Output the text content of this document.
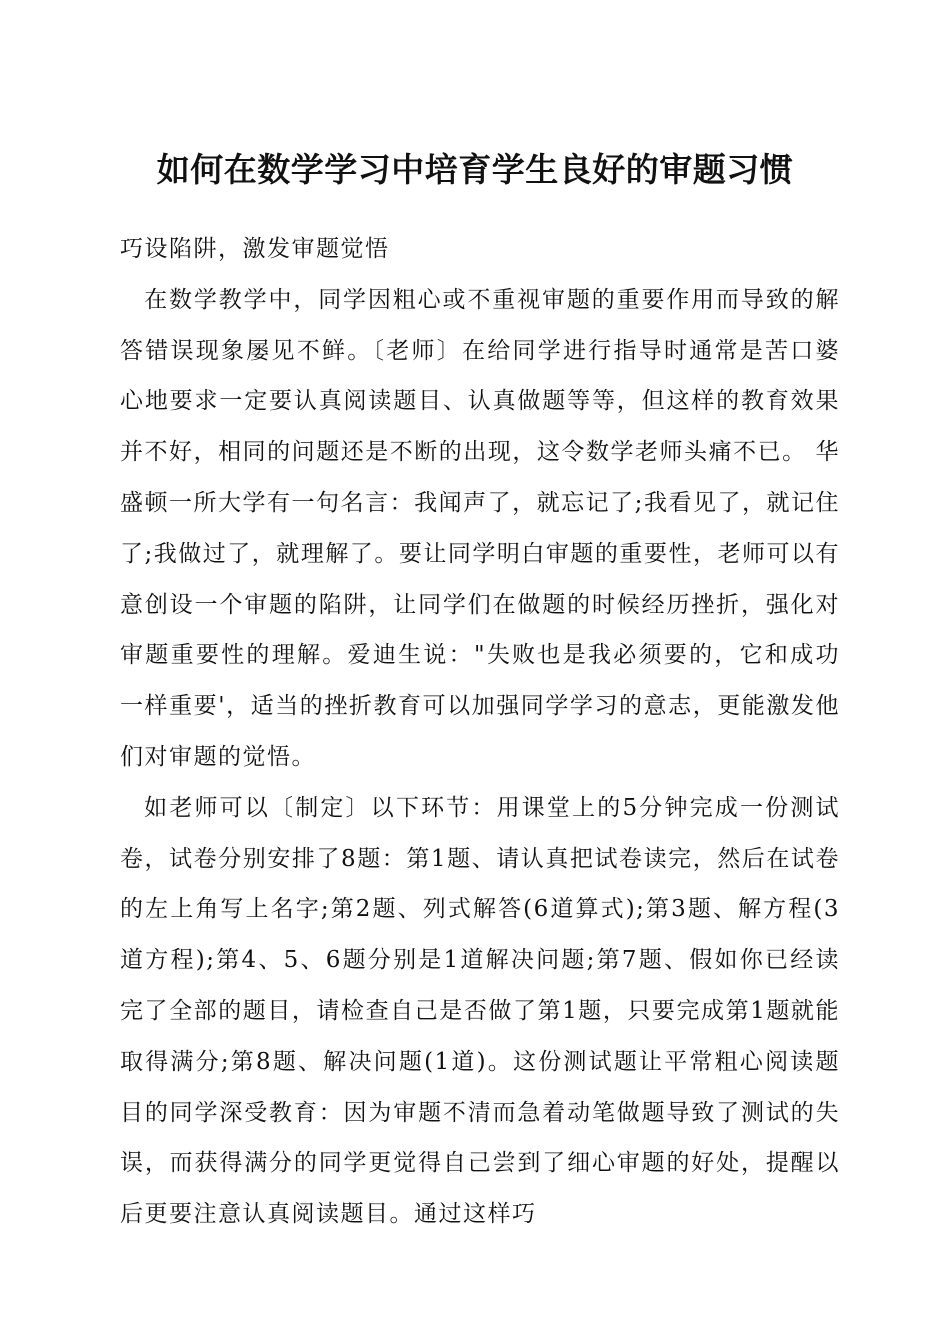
如何在数学学习中培育学生良好的审题习惯

巧设陷阱，激发审题觉悟

在数学教学中，同学因粗心或不重视审题的重要作用而导致的解答错误现象屡见不鲜。〔老师〕在给同学进行指导时通常是苦口婆心地要求一定要认真阅读题目、认真做题等等，但这样的教育效果并不好，相同的问题还是不断的出现，这令数学老师头痛不已。 华盛顿一所大学有一句名言：我闻声了，就忘记了;我看见了，就记住了;我做过了，就理解了。要让同学明白审题的重要性，老师可以有意创设一个审题的陷阱，让同学们在做题的时候经历挫折，强化对审题重要性的理解。爱迪生说："失败也是我必须要的，它和成功一样重要'，适当的挫折教育可以加强同学学习的意志，更能激发他们对审题的觉悟。

如老师可以〔制定〕以下环节：用课堂上的5分钟完成一份测试卷，试卷分别安排了8题：第1题、请认真把试卷读完，然后在试卷的左上角写上名字;第2题、列式解答(6道算式);第3题、解方程(3道方程);第4、5、6题分别是1道解决问题;第7题、假如你已经读完了全部的题目，请检查自己是否做了第1题，只要完成第1题就能取得满分;第8题、解决问题(1道)。这份测试题让平常粗心阅读题目的同学深受教育：因为审题不清而急着动笔做题导致了测试的失误，而获得满分的同学更觉得自己尝到了细心审题的好处，提醒以后更要注意认真阅读题目。通过这样巧
